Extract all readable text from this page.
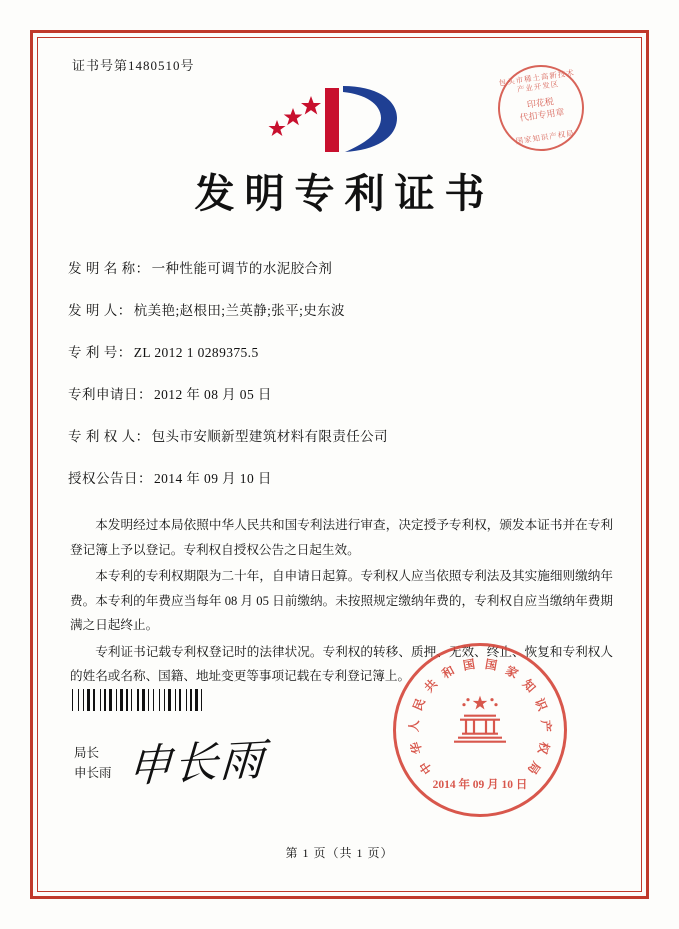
证书号第1480510号
包头市稀土高新技术产业开发区
印花税
代扣专用章
国家知识产权局
发明专利证书
发 明 名 称： 一种性能可调节的水泥胶合剂
发 明 人： 杭美艳;赵根田;兰英静;张平;史东波
专 利 号： ZL 2012 1 0289375.5
专利申请日： 2012 年 08 月 05 日
专 利 权 人： 包头市安顺新型建筑材料有限责任公司
授权公告日： 2014 年 09 月 10 日

本发明经过本局依照中华人民共和国专利法进行审查，决定授予专利权，颁发本证书并在专利登记簿上予以登记。专利权自授权公告之日起生效。

本专利的专利权期限为二十年，自申请日起算。专利权人应当依照专利法及其实施细则缴纳年费。本专利的年费应当每年 08 月 05 日前缴纳。未按照规定缴纳年费的，专利权自应当缴纳年费期满之日起终止。

专利证书记载专利权登记时的法律状况。专利权的转移、质押、无效、终止、恢复和专利权人的姓名或名称、国籍、地址变更等事项记载在专利登记簿上。

局长
申长雨 申长雨	中
华
人
民
共
和 国 国 家
知
识
产
权
局
2014 年 09 月 10 日
第 1 页（共 1 页）
